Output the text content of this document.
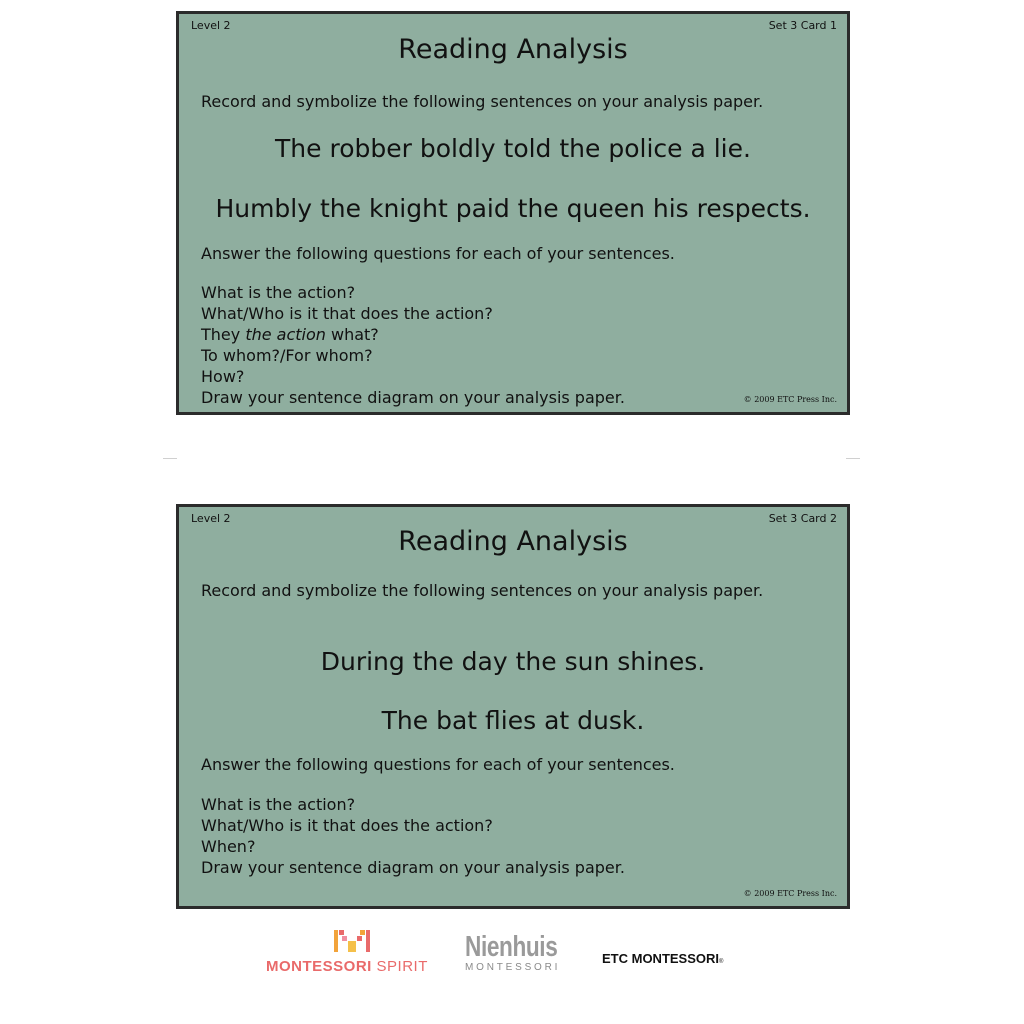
Level 2	Set 3 Card 1
Reading Analysis
Record and symbolize the following sentences on your analysis paper.
The robber boldly told the police a lie.
Humbly the knight paid the queen his respects.
Answer the following questions for each of your sentences.
What is the action?
What/Who is it that does the action?
They the action what?
To whom?/For whom?
How?
Draw your sentence diagram on your analysis paper.	© 2009 ETC Press Inc.
Level 2	Set 3 Card 2
Reading Analysis
Record and symbolize the following sentences on your analysis paper.
During the day the sun shines.
The bat flies at dusk.
Answer the following questions for each of your sentences.
What is the action?
What/Who is it that does the action?
When?
Draw your sentence diagram on your analysis paper.
© 2009 ETC Press Inc.
MONTESSORI SPIRIT
Nienhuis
MONTESSORI
ETC MONTESSORI®
